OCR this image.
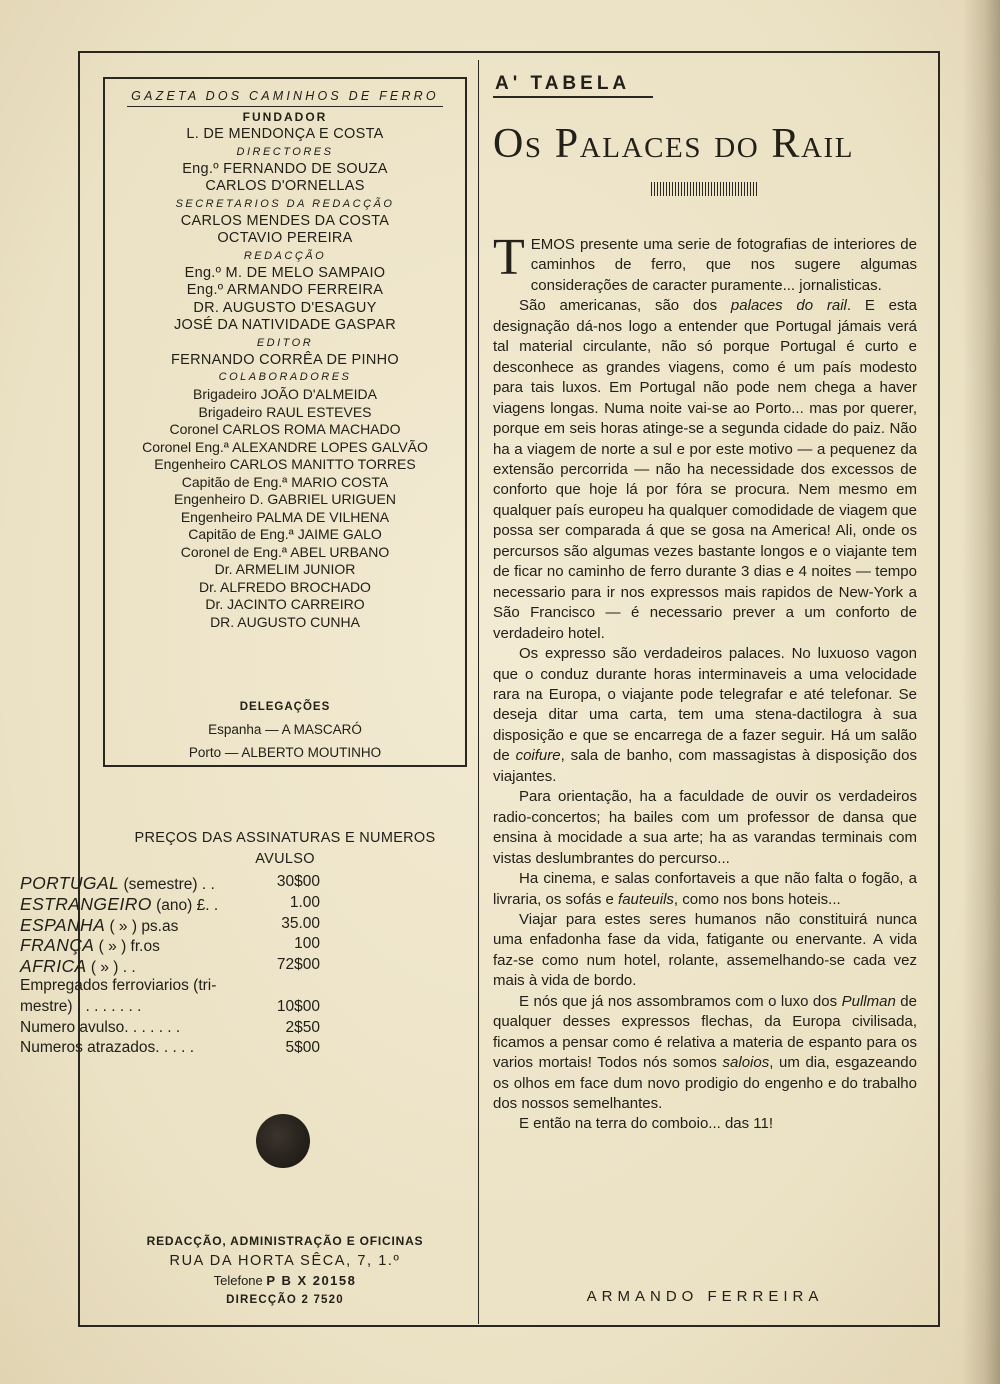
GAZETA DOS CAMINHOS DE FERRO
FUNDADOR
L. DE MENDONÇA E COSTA
DIRECTORES
Eng.º FERNANDO DE SOUZA
CARLOS D'ORNELLAS
SECRETARIOS DA REDACÇÃO
CARLOS MENDES DA COSTA
OCTAVIO PEREIRA
REDACÇÃO
Eng.º M. DE MELO SAMPAIO
Eng.º ARMANDO FERREIRA
DR. AUGUSTO D'ESAGUY
JOSÉ DA NATIVIDADE GASPAR
EDITOR
FERNANDO CORRÊA DE PINHO
COLABORADORES
Brigadeiro JOÃO D'ALMEIDA
Brigadeiro RAUL ESTEVES
Coronel CARLOS ROMA MACHADO
Coronel Eng.ª ALEXANDRE LOPES GALVÃO
Engenheiro CARLOS MANITTO TORRES
Capitão de Eng.ª MARIO COSTA
Engenheiro D. GABRIEL URIGUEN
Engenheiro PALMA DE VILHENA
Capitão de Eng.ª JAIME GALO
Coronel de Eng.ª ABEL URBANO
Dr. ARMELIM JUNIOR
Dr. ALFREDO BROCHADO
Dr. JACINTO CARREIRO
DR. AUGUSTO CUNHA
DELEGAÇÕES
Espanha — A MASCARÓ
Porto — ALBERTO MOUTINHO
PREÇOS DAS ASSINATURAS E NUMEROS
AVULSO
PORTUGAL (semestre) . .	30$00
ESTRANGEIRO (ano) £. .	1.00
ESPANHA ( » ) ps.as	35.00
FRANÇA ( » ) fr.os	100
AFRICA ( » ) . .	72$00
Empregados ferroviarios (tri-
mestre) . . . . . . . .	10$00
Numero avulso. . . . . . .	2$50
Numeros atrazados. . . . .	5$00
REDACÇÃO, ADMINISTRAÇÃO E OFICINAS
RUA DA HORTA SÊCA, 7, 1.º
Telefone P B X 20158
DIRECÇÃO 2 7520
A' TABELA
Os Palaces do Rail

TEMOS presente uma serie de fotografias de interiores de caminhos de ferro, que nos sugere algumas considerações de caracter puramente... jornalisticas.

São americanas, são dos palaces do rail. E esta designação dá-nos logo a entender que Portugal jámais verá tal material circulante, não só porque Portugal é curto e desconhece as grandes viagens, como é um país modesto para tais luxos. Em Portugal não pode nem chega a haver viagens longas. Numa noite vai-se ao Porto... mas por querer, porque em seis horas atinge-se a segunda cidade do paiz. Não ha a viagem de norte a sul e por este motivo — a pequenez da extensão percorrida — não ha necessidade dos excessos de conforto que hoje lá por fóra se procura. Nem mesmo em qualquer país europeu ha qualquer comodidade de viagem que possa ser comparada á que se gosa na America! Ali, onde os percursos são algumas vezes bastante longos e o viajante tem de ficar no caminho de ferro durante 3 dias e 4 noites — tempo necessario para ir nos expressos mais rapidos de New-York a São Francisco — é necessario prever a um conforto de verdadeiro hotel.

Os expresso são verdadeiros palaces. No luxuoso vagon que o conduz durante horas interminaveis a uma velocidade rara na Europa, o viajante pode telegrafar e até telefonar. Se deseja ditar uma carta, tem uma stena-dactilogra à sua disposição e que se encarrega de a fazer seguir. Há um salão de coifure, sala de banho, com massagistas à disposição dos viajantes.

Para orientação, ha a faculdade de ouvir os verdadeiros radio-concertos; ha bailes com um professor de dansa que ensina à mocidade a sua arte; ha as varandas terminais com vistas deslumbrantes do percurso...

Ha cinema, e salas confortaveis a que não falta o fogão, a livraria, os sofás e fauteuils, como nos bons hoteis...

Viajar para estes seres humanos não constituirá nunca uma enfadonha fase da vida, fatigante ou enervante. A vida faz-se como num hotel, rolante, assemelhando-se cada vez mais à vida de bordo.

E nós que já nos assombramos com o luxo dos Pullman de qualquer desses expressos flechas, da Europa civilisada, ficamos a pensar como é relativa a materia de espanto para os varios mortais! Todos nós somos saloios, um dia, esgazeando os olhos em face dum novo prodigio do engenho e do trabalho dos nossos semelhantes.

E então na terra do comboio... das 11!

ARMANDO FERREIRA
